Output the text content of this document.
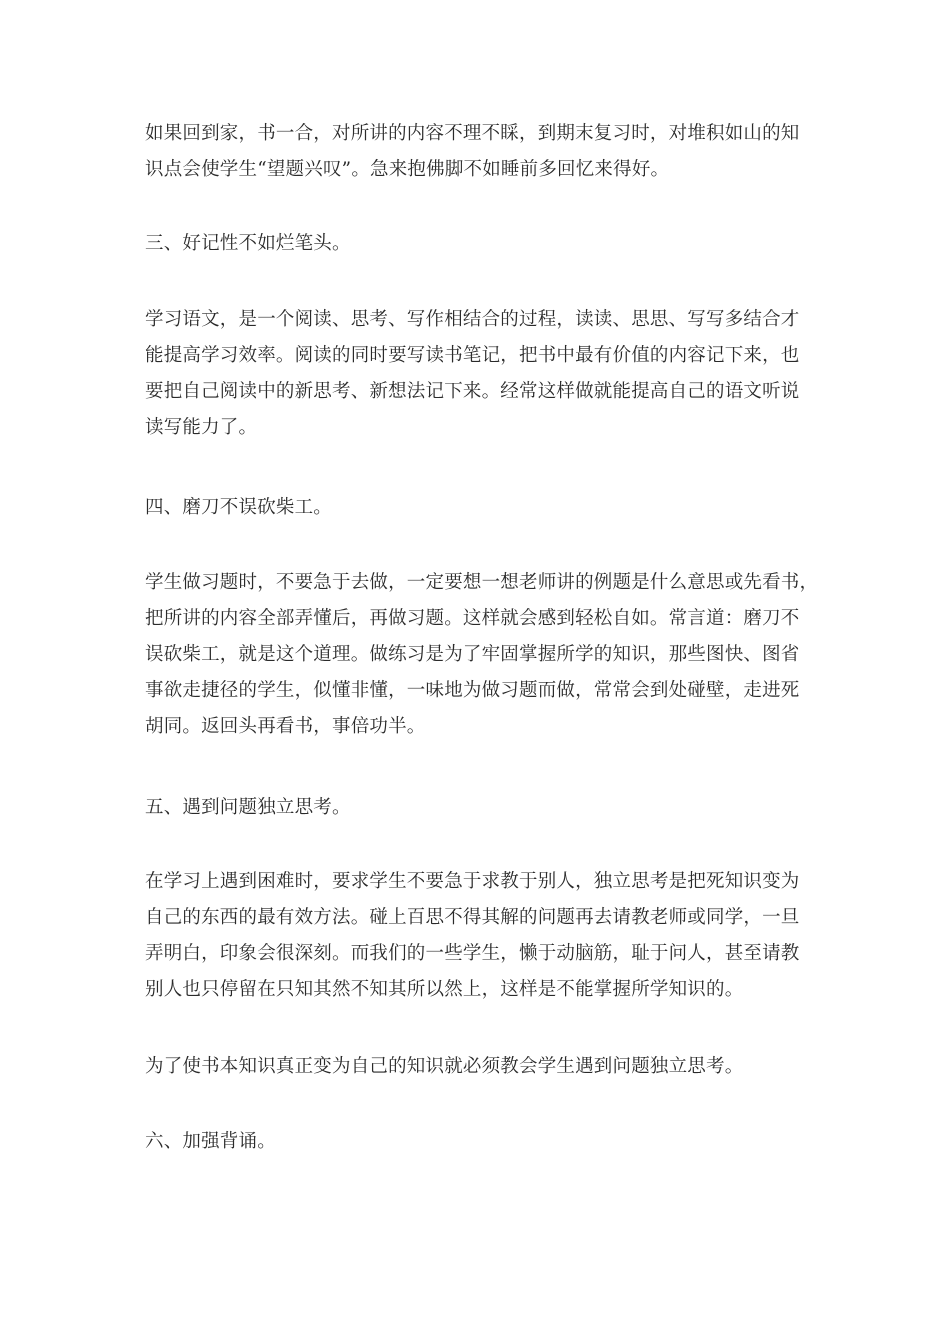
如果回到家，书一合，对所讲的内容不理不睬，到期末复习时，对堆积如山的知
识点会使学生“望题兴叹”。急来抱佛脚不如睡前多回忆来得好。

三、好记性不如烂笔头。

学习语文，是一个阅读、思考、写作相结合的过程，读读、思思、写写多结合才
能提高学习效率。阅读的同时要写读书笔记，把书中最有价值的内容记下来，也
要把自己阅读中的新思考、新想法记下来。经常这样做就能提高自己的语文听说
读写能力了。

四、磨刀不误砍柴工。

学生做习题时，不要急于去做，一定要想一想老师讲的例题是什么意思或先看书，
把所讲的内容全部弄懂后，再做习题。这样就会感到轻松自如。常言道：磨刀不
误砍柴工，就是这个道理。做练习是为了牢固掌握所学的知识，那些图快、图省
事欲走捷径的学生，似懂非懂，一味地为做习题而做，常常会到处碰壁，走进死
胡同。返回头再看书，事倍功半。

五、遇到问题独立思考。

在学习上遇到困难时，要求学生不要急于求教于别人，独立思考是把死知识变为
自己的东西的最有效方法。碰上百思不得其解的问题再去请教老师或同学，一旦
弄明白，印象会很深刻。而我们的一些学生，懒于动脑筋，耻于问人，甚至请教
别人也只停留在只知其然不知其所以然上，这样是不能掌握所学知识的。

为了使书本知识真正变为自己的知识就必须教会学生遇到问题独立思考。

六、加强背诵。
